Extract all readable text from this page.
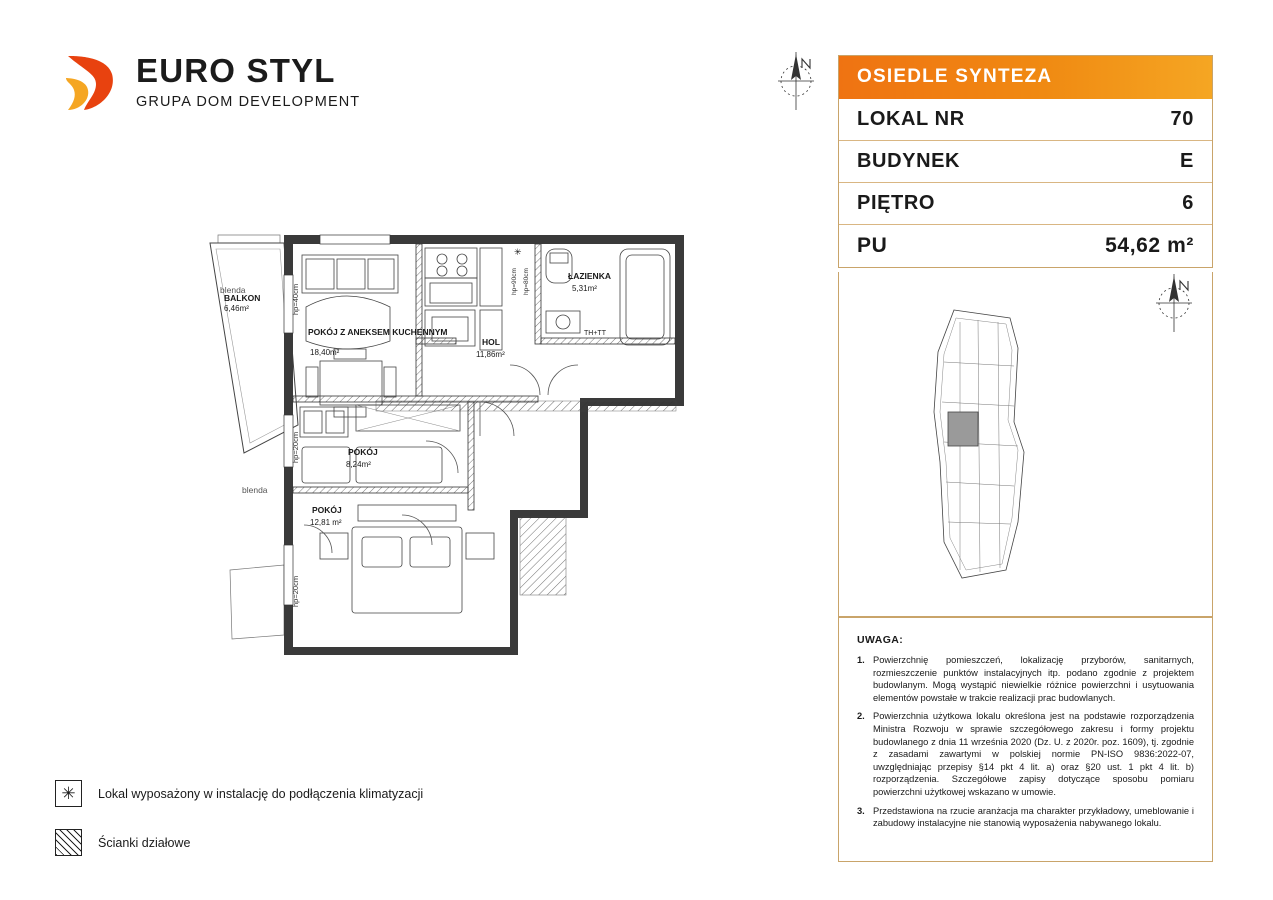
EURO STYL
GRUPA DOM DEVELOPMENT
blenda
blenda
BALKON
6,46m²
POKÓJ Z ANEKSEM KUCHENNYM
18,40m²
ŁAZIENKA
5,31m²
HOL
11,86m²
POKÓJ
8,24m²
POKÓJ
12,81 m²
hp=40cm
hp=20cm
hp=20cm
hp=90cm hp=80cm
TH+TT
✳
OSIEDLE SYNTEZA
LOKAL NR	70
BUDYNEK	E
PIĘTRO	6
PU	54,62 m²
UWAGA:
1. Powierzchnię pomieszczeń, lokalizację przyborów, sanitarnych, rozmieszczenie punktów instalacyjnych itp. podano zgodnie z projektem budowlanym. Mogą wystąpić niewielkie różnice powierzchni i usytuowania elementów powstałe w trakcie realizacji prac budowlanych.
2. Powierzchnia użytkowa lokalu określona jest na podstawie rozporządzenia Ministra Rozwoju w sprawie szczegółowego zakresu i formy projektu budowlanego z dnia 11 września 2020 (Dz. U. z 2020r. poz. 1609), tj. zgodnie z zasadami zawartymi w polskiej normie PN-ISO 9836:2022-07, uwzględniając przepisy §14 pkt 4 lit. a) oraz §20 ust. 1 pkt 4 lit. b) rozporządzenia. Szczegółowe zapisy dotyczące sposobu pomiaru powierzchni użytkowej wskazano w umowie.
3. Przedstawiona na rzucie aranżacja ma charakter przykładowy, umeblowanie i zabudowy instalacyjne nie stanowią wyposażenia nabywanego lokalu.
✳	Lokal wyposażony w instalację do podłączenia klimatyzacji
Ścianki działowe
